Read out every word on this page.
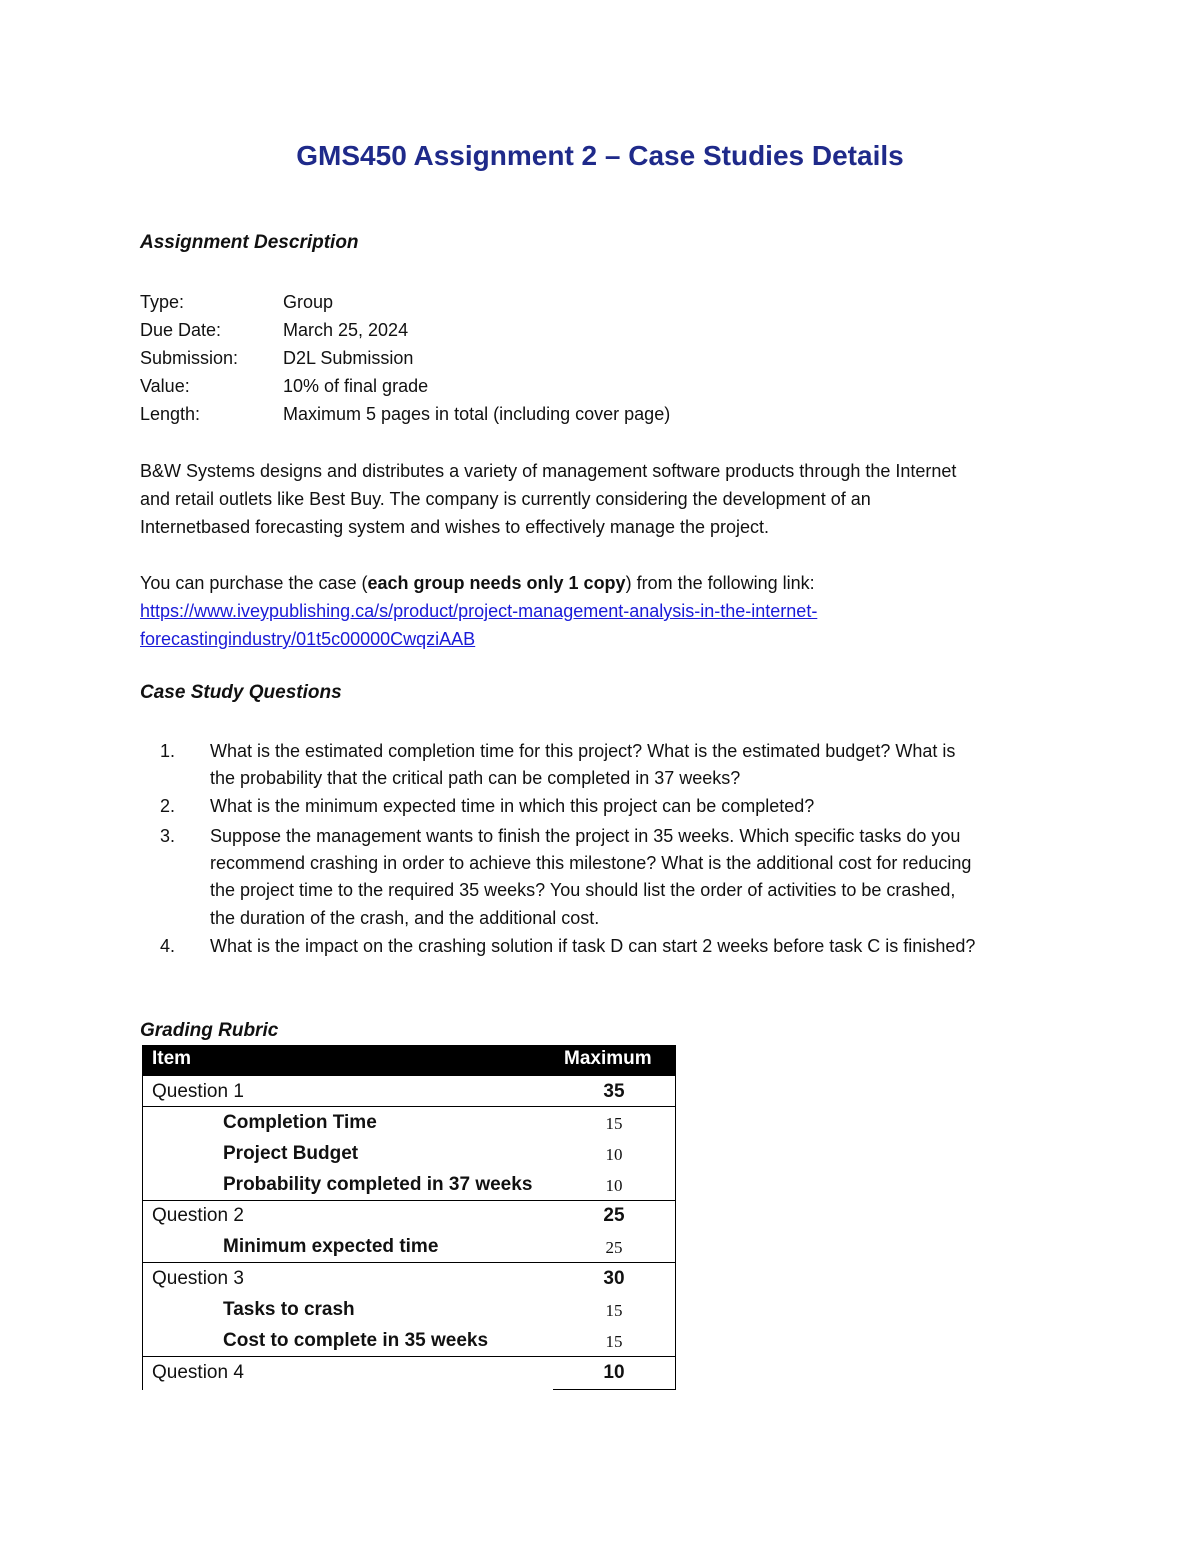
GMS450 Assignment 2 – Case Studies Details
Assignment Description
Type:	Group
Due Date:	March 25, 2024
Submission: D2L Submission
Value:	10% of final grade
Length:	Maximum 5 pages in total (including cover page)
B&W Systems designs and distributes a variety of management software products through the Internet
and retail outlets like Best Buy. The company is currently considering the development of an
Internetbased forecasting system and wishes to effectively manage the project.
You can purchase the case (each group needs only 1 copy) from the following link:
https://www.iveypublishing.ca/s/product/project-management-analysis-in-the-internet-
forecastingindustry/01t5c00000CwqziAAB
Case Study Questions
1. What is the estimated completion time for this project? What is the estimated budget? What is
the probability that the critical path can be completed in 37 weeks?
2. What is the minimum expected time in which this project can be completed?
3. Suppose the management wants to finish the project in 35 weeks. Which specific tasks do you
recommend crashing in order to achieve this milestone? What is the additional cost for reducing
the project time to the required 35 weeks? You should list the order of activities to be crashed,
the duration of the crash, and the additional cost.
4. What is the impact on the crashing solution if task D can start 2 weeks before task C is finished?
Grading Rubric
Item	Maximum
Question 1	35
Completion Time	15
Project Budget	10
Probability completed in 37 weeks	10
Question 2	25
Minimum expected time	25
Question 3	30
Tasks to crash	15
Cost to complete in 35 weeks	15
Question 4	10
